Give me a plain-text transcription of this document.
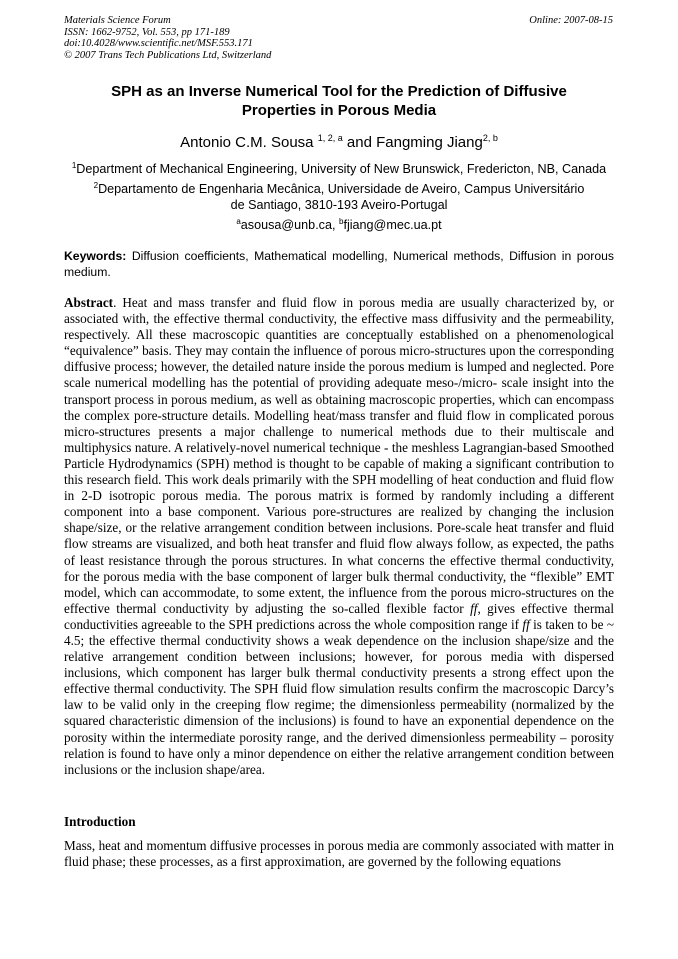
Materials Science Forum
ISSN: 1662-9752, Vol. 553, pp 171-189
doi:10.4028/www.scientific.net/MSF.553.171
© 2007 Trans Tech Publications Ltd, Switzerland
Online: 2007-08-15
SPH as an Inverse Numerical Tool for the Prediction of Diffusive Properties in Porous Media
Antonio C.M. Sousa $^{1, 2, a}$ and Fangming Jiang$^{2, b}$
$^1$Department of Mechanical Engineering, University of New Brunswick, Fredericton, NB, Canada
$^2$Departamento de Engenharia Mecânica, Universidade de Aveiro, Campus Universitário de Santiago, 3810-193 Aveiro-Portugal
$^a$asousa@unb.ca, $^b$fjiang@mec.ua.pt
Keywords: Diffusion coefficients, Mathematical modelling, Numerical methods, Diffusion in porous medium.
Abstract. Heat and mass transfer and fluid flow in porous media are usually characterized by, or associated with, the effective thermal conductivity, the effective mass diffusivity and the permeability, respectively. All these macroscopic quantities are conceptually established on a phenomenological “equivalence” basis. They may contain the influence of porous micro-structures upon the corresponding diffusive process; however, the detailed nature inside the porous medium is lumped and neglected. Pore scale numerical modelling has the potential of providing adequate meso-/micro- scale insight into the transport process in porous medium, as well as obtaining macroscopic properties, which can encompass the complex pore-structure details. Modelling heat/mass transfer and fluid flow in complicated porous micro-structures presents a major challenge to numerical methods due to their multiscale and multiphysics nature. A relatively-novel numerical technique - the meshless Lagrangian-based Smoothed Particle Hydrodynamics (SPH) method is thought to be capable of making a significant contribution to this research field. This work deals primarily with the SPH modelling of heat conduction and fluid flow in 2-D isotropic porous media. The porous matrix is formed by randomly including a different component into a base component. Various pore-structures are realized by changing the inclusion shape/size, or the relative arrangement condition between inclusions. Pore-scale heat transfer and fluid flow streams are visualized, and both heat transfer and fluid flow always follow, as expected, the paths of least resistance through the porous structures. In what concerns the effective thermal conductivity, for the porous media with the base component of larger bulk thermal conductivity, the “flexible” EMT model, which can accommodate, to some extent, the influence from the porous micro-structures on the effective thermal conductivity by adjusting the so-called flexible factor ff, gives effective thermal conductivities agreeable to the SPH predictions across the whole composition range if ff is taken to be ~ 4.5; the effective thermal conductivity shows a weak dependence on the inclusion shape/size and the relative arrangement condition between inclusions; however, for porous media with dispersed inclusions, which component has larger bulk thermal conductivity presents a strong effect upon the effective thermal conductivity. The SPH fluid flow simulation results confirm the macroscopic Darcy’s law to be valid only in the creeping flow regime; the dimensionless permeability (normalized by the squared characteristic dimension of the inclusions) is found to have an exponential dependence on the porosity within the intermediate porosity range, and the derived dimensionless permeability – porosity relation is found to have only a minor dependence on either the relative arrangement condition between inclusions or the inclusion shape/area.
Introduction
Mass, heat and momentum diffusive processes in porous media are commonly associated with matter in fluid phase; these processes, as a first approximation, are governed by the following equations
